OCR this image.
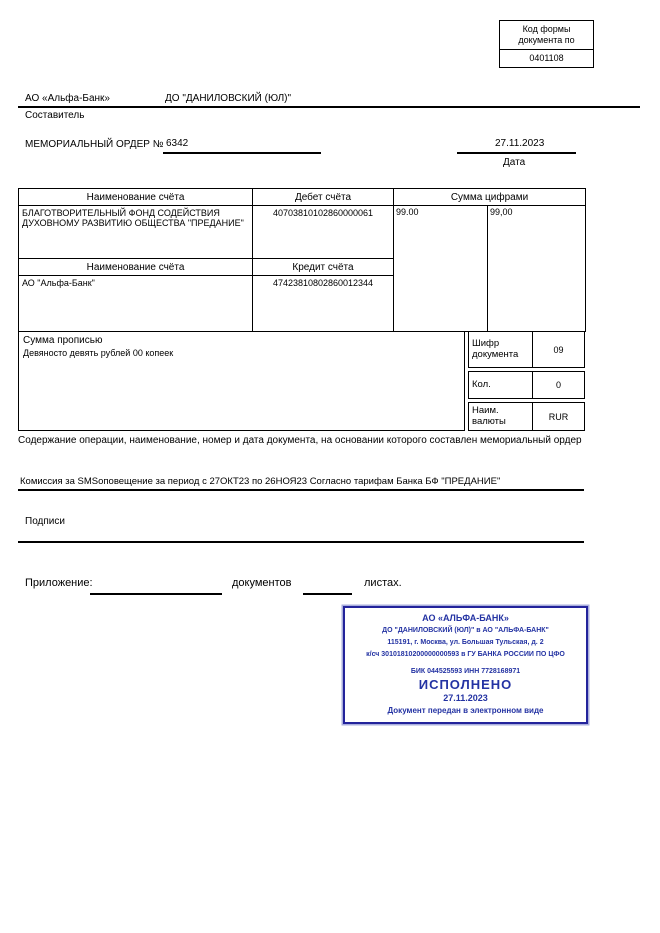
Код формы документа по
0401108
АО «Альфа-Банк»	ДО "ДАНИЛОВСКИЙ (ЮЛ)"
Составитель
МЕМОРИАЛЬНЫЙ ОРДЕР № 6342	27.11.2023
Дата
Наименование счёта	Дебет счёта	Сумма цифрами	
БЛАГОТВОРИТЕЛЬНЫЙ ФОНД СОДЕЙСТВИЯ ДУХОВНОМУ РАЗВИТИЮ ОБЩЕСТВА "ПРЕДАНИЕ"	40703810102860000061	99.00	99,00
Наименование счёта	Кредит счёта		
АО "Альфа-Банк"	47423810802860012344		
Сумма прописью
Девяносто девять рублей 00 копеек
Шифр документа	09
Кол.	0
Наим. валюты	RUR
Содержание операции, наименование, номер и дата документа, на основании которого составлен мемориальный ордер
Комиссия за SMSоповещение за период с 27ОКТ23 по 26НОЯ23 Согласно тарифам Банка БФ "ПРЕДАНИЕ"
Подписи
Приложение:	документов	листах.
АО «АЛЬФА-БАНК»
ДО "ДАНИЛОВСКИЙ (ЮЛ)" в АО "АЛЬФА-БАНК"
115191, г. Москва, ул. Большая Тульская, д. 2
к/сч 30101810200000000593 в ГУ БАНКА РОССИИ ПО ЦФО
БИК 044525593 ИНН 7728168971
ИСПОЛНЕНО
27.11.2023
Документ передан в электронном виде
